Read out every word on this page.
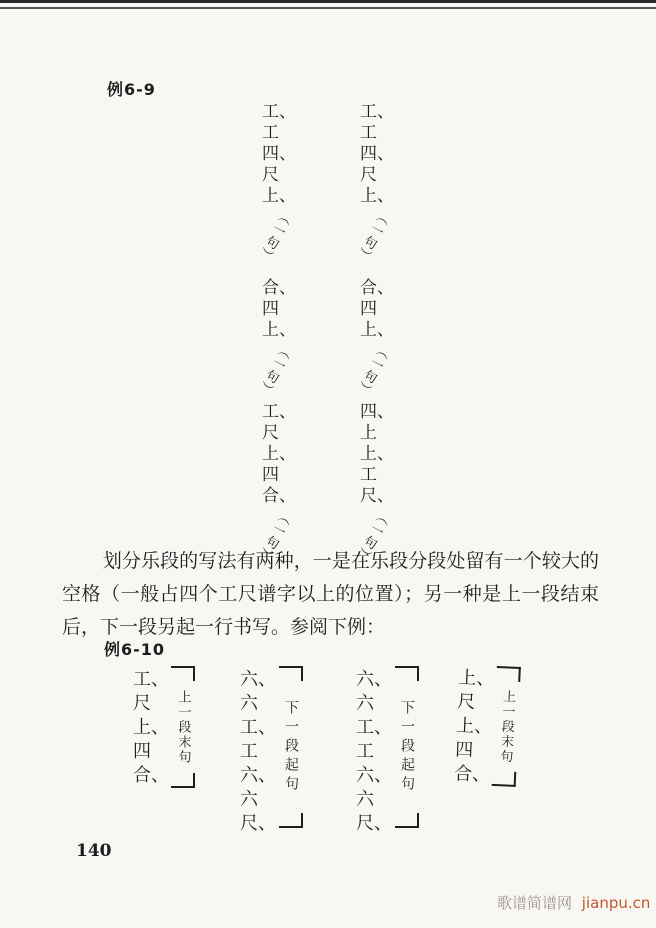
例6-9
工、
工
四、
尺
上、
（一句）
工、
工
四、
尺
上、
（一句）
合、
四
上、
（一句）
合、
四
上、
（一句）
工、
尺
上、
四
合、
（一句）
四、
上
上、
工
尺、
（一句）
划分乐段的写法有两种，一是在乐段分段处留有一个较大的空格（一般占四个工尺谱字以上的位置）；另一种是上一段结束后，下一段另起一行书写。参阅下例：
例6-10
工、
尺
上、
四
合、
上一段末句
六、
六
工、
工
六、
六
尺、
下一段起句
六、
六
工、
工
六、
六
尺、
下一段起句
上、
尺
上、
四
合、
上一段末句
140
歌谱简谱网 jianpu.cn
